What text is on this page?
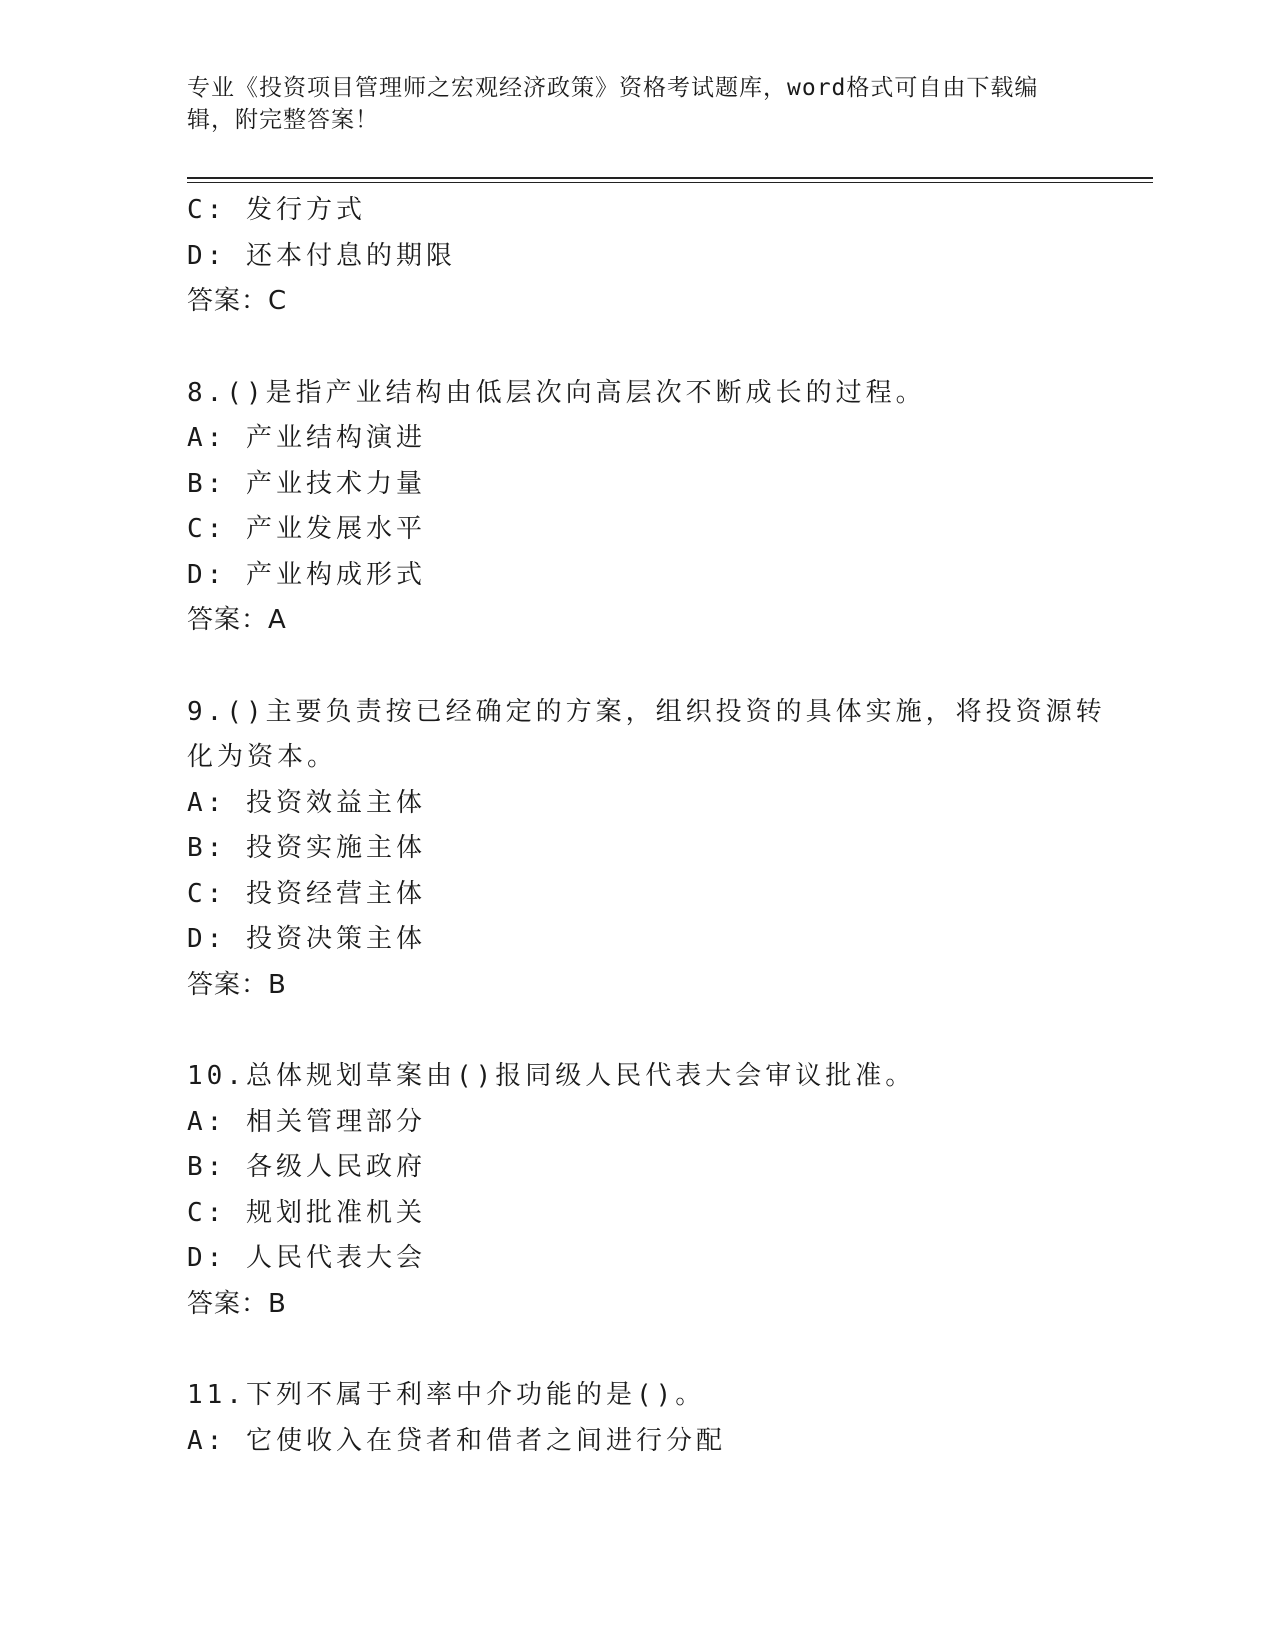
专业《投资项目管理师之宏观经济政策》资格考试题库，word格式可自由下载编
辑，附完整答案！
C: 发行方式
D: 还本付息的期限
答案：C
8.()是指产业结构由低层次向高层次不断成长的过程。
A: 产业结构演进
B: 产业技术力量
C: 产业发展水平
D: 产业构成形式
答案：A
9.()主要负责按已经确定的方案，组织投资的具体实施，将投资源转
化为资本。
A: 投资效益主体
B: 投资实施主体
C: 投资经营主体
D: 投资决策主体
答案：B
10.总体规划草案由()报同级人民代表大会审议批准。
A: 相关管理部分
B: 各级人民政府
C: 规划批准机关
D: 人民代表大会
答案：B
11.下列不属于利率中介功能的是()。
A: 它使收入在贷者和借者之间进行分配
